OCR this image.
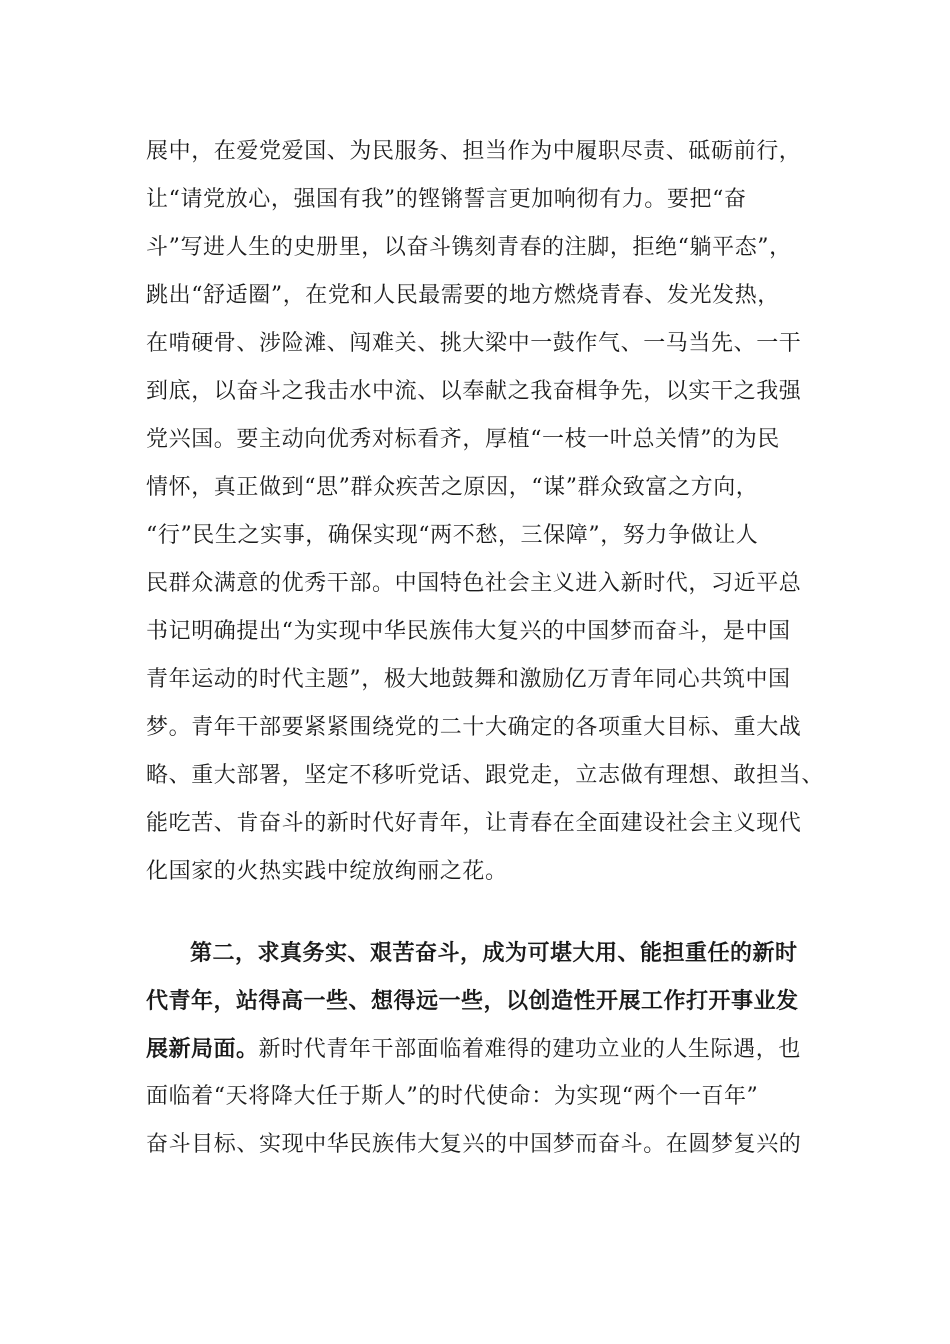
展中，在爱党爱国、为民服务、担当作为中履职尽责、砥砺前行，
让“请党放心，强国有我”的铿锵誓言更加响彻有力。要把“奋
斗”写进人生的史册里，以奋斗镌刻青春的注脚，拒绝“躺平态”，
跳出“舒适圈”，在党和人民最需要的地方燃烧青春、发光发热，
在啃硬骨、涉险滩、闯难关、挑大梁中一鼓作气、一马当先、一干
到底，以奋斗之我击水中流、以奉献之我奋楫争先，以实干之我强
党兴国。要主动向优秀对标看齐，厚植“一枝一叶总关情”的为民
情怀，真正做到“思”群众疾苦之原因，“谋”群众致富之方向，
“行”民生之实事，确保实现“两不愁，三保障”，努力争做让人
民群众满意的优秀干部。中国特色社会主义进入新时代，习近平总
书记明确提出“为实现中华民族伟大复兴的中国梦而奋斗，是中国
青年运动的时代主题”，极大地鼓舞和激励亿万青年同心共筑中国
梦。青年干部要紧紧围绕党的二十大确定的各项重大目标、重大战
略、重大部署，坚定不移听党话、跟党走，立志做有理想、敢担当、
能吃苦、肯奋斗的新时代好青年，让青春在全面建设社会主义现代
化国家的火热实践中绽放绚丽之花。
第二，求真务实、艰苦奋斗，成为可堪大用、能担重任的新时
代青年，站得高一些、想得远一些，以创造性开展工作打开事业发
展新局面。新时代青年干部面临着难得的建功立业的人生际遇，也
面临着“天将降大任于斯人”的时代使命：为实现“两个一百年”
奋斗目标、实现中华民族伟大复兴的中国梦而奋斗。在圆梦复兴的
